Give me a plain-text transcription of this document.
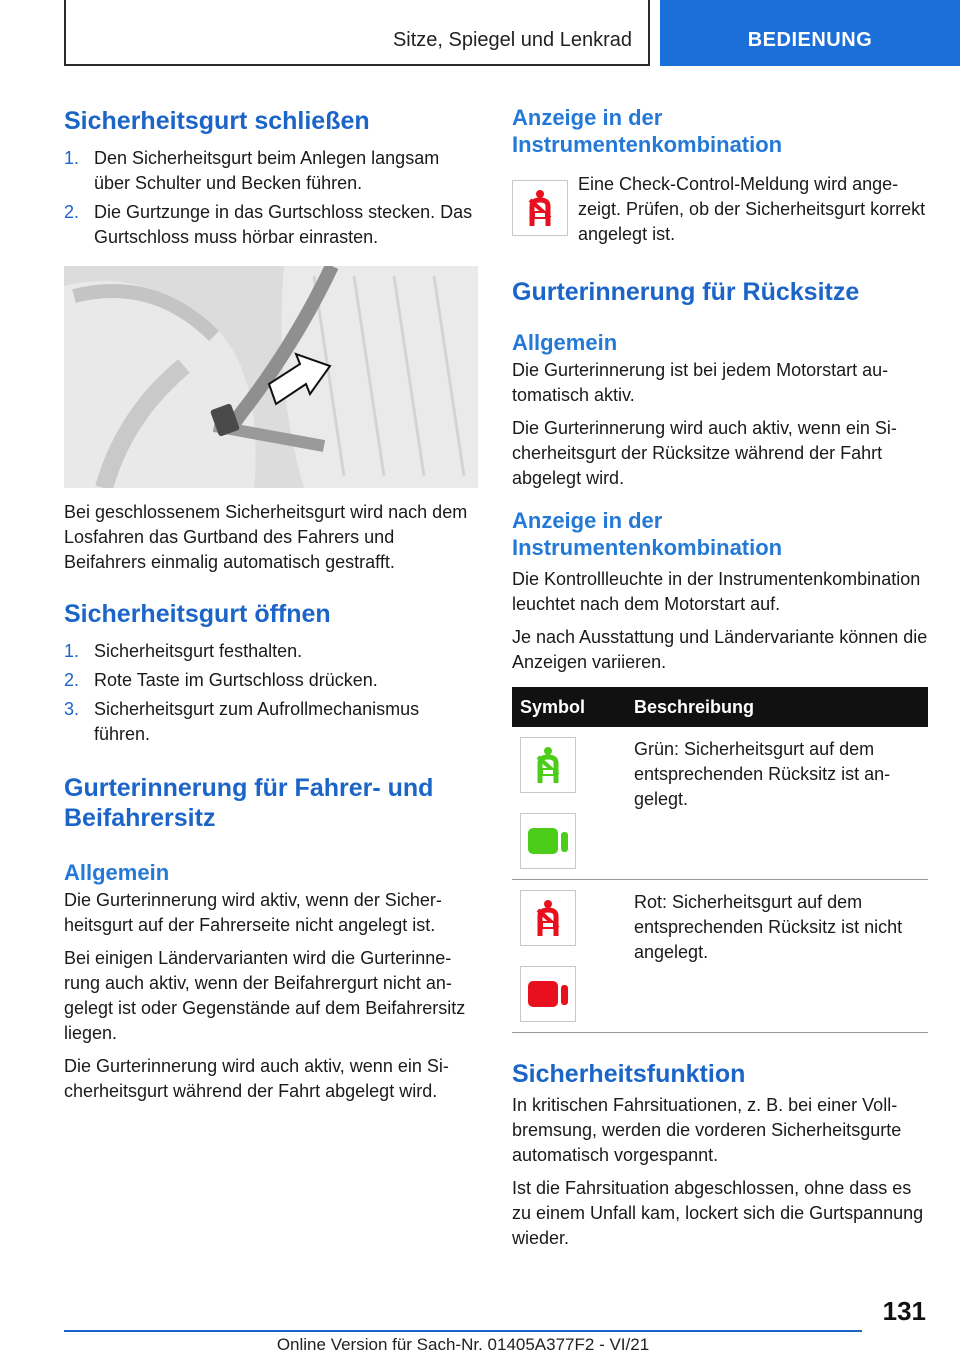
Sitze, Spiegel und Lenkrad	BEDIENUNG
Sicherheitsgurt schließen
1. Den Sicherheitsgurt beim Anlegen langsam über Schulter und Becken führen.
2. Die Gurtzunge in das Gurtschloss stecken. Das Gurtschloss muss hörbar einrasten.

Bei geschlossenem Sicherheitsgurt wird nach dem Losfahren das Gurtband des Fahrers und Beifahrers einmalig automatisch gestrafft.

Sicherheitsgurt öffnen
1. Sicherheitsgurt festhalten.
2. Rote Taste im Gurtschloss drücken.
3. Sicherheitsgurt zum Aufrollmechanismus führen.
Gurterinnerung für Fahrer- und Beifahrersitz
Allgemein

Die Gurterinnerung wird aktiv, wenn der Sicherheitsgurt auf der Fahrerseite nicht angelegt ist.

Bei einigen Ländervarianten wird die Gurterinnerung auch aktiv, wenn der Beifahrergurt nicht angelegt ist oder Gegenstände auf dem Beifahrersitz liegen.

Die Gurterinnerung wird auch aktiv, wenn ein Sicherheitsgurt während der Fahrt abgelegt wird.

Anzeige in der Instrumentenkombination

Eine Check-Control-Meldung wird angezeigt. Prüfen, ob der Sicherheitsgurt korrekt angelegt ist.

Gurterinnerung für Rücksitze
Allgemein

Die Gurterinnerung ist bei jedem Motorstart automatisch aktiv.

Die Gurterinnerung wird auch aktiv, wenn ein Sicherheitsgurt der Rücksitze während der Fahrt abgelegt wird.

Anzeige in der Instrumentenkombination

Die Kontrollleuchte in der Instrumentenkombination leuchtet nach dem Motorstart auf.

Je nach Ausstattung und Ländervariante können die Anzeigen variieren.

Symbol	Beschreibung

	Grün: Sicherheitsgurt auf dem entsprechenden Rücksitz ist angelegt.

	Rot: Sicherheitsgurt auf dem entsprechenden Rücksitz ist nicht angelegt.
Sicherheitsfunktion

In kritischen Fahrsituationen, z. B. bei einer Vollbremsung, werden die vorderen Sicherheitsgurte automatisch vorgespannt.

Ist die Fahrsituation abgeschlossen, ohne dass es zu einem Unfall kam, lockert sich die Gurtspannung wieder.

131
Online Version für Sach-Nr. 01405A377F2 - VI/21
